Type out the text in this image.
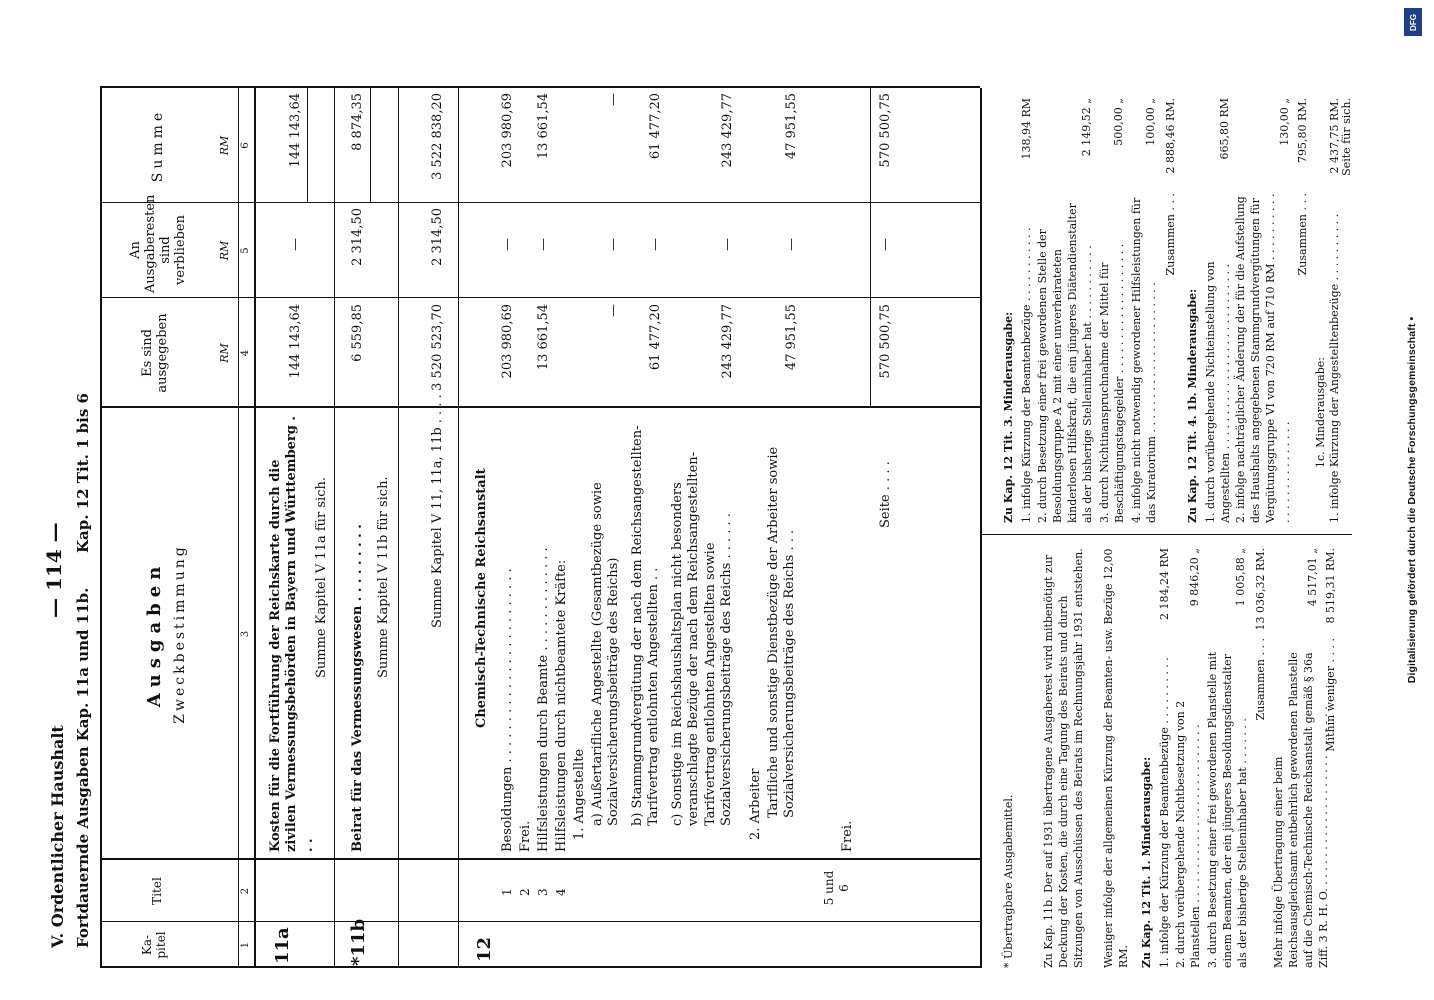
DFG
Digitalisierung gefördert durch die Deutsche Forschungsgemeinschaft •
V. Ordentlicher Haushalt
— 114 —
Fortdauernde Ausgaben Kap. 11a und 11b.
Kap. 12 Tit. 1 bis 6
Ka-pitel
Titel
Ausgaben Zweckbestimmung
Es sind ausgegeben
An Ausgaberesten sind verblieben
Summe
RM
RM
RM
1
2
3
4
5
6
11a
Kosten für die Fortführung der Reichskarte durch die zivilen Vermessungsbehörden in Bayern und Württemberg . . .
144 143,64
—
144 143,64
Summe Kapitel V 11a für sich.
*11b
Beirat für das Vermessungswesen . . . . . . . . .
6 559,85
2 314,50
8 874,35
Summe Kapitel V 11b für sich.	Summe Kapitel V 11, 11a, 11b . . . .
3 520 523,70
2 314,50
3 522 838,20
12
Chemisch-Technische Reichsanstalt
1
Besoldungen . . . . . . . . . . . . . . . . . . . . . . . .
203 980,69
—
203 980,69
2
Frei.
3
Hilfsleistungen durch Beamte . . . . . . . . . . . . .
13 661,54
—
13 661,54
4
Hilfsleistungen durch nichtbeamtete Kräfte: 1. Angestellte a) Außertarifliche Angestellte (Gesamtbezüge sowie Sozialversicherungsbeiträge des Reichs)
—
—
—
b) Stammgrundvergütung der nach dem Reichsangestellten-Tarifvertrag entlohnten Angestellten . .
61 477,20
—
61 477,20
c) Sonstige im Reichshaushaltsplan nicht besonders veranschlagte Bezüge der nach dem Reichsangestellten-Tarifvertrag entlohnten Angestellten sowie Sozialversicherungsbeiträge des Reichs . . . . . .
243 429,77
—
243 429,77
2. Arbeiter Tarifliche und sonstige Dienstbezüge der Arbeiter sowie Sozialversicherungsbeiträge des Reichs . . .
47 951,55
—
47 951,55
5 und 6
Frei.
Seite . . . .
570 500,75
—
570 500,75
* Übertragbare Ausgabemittel. Zu Kap. 11b. Der auf 1931 übertragene Ausgaberest wird mitbenötigt zur Deckung der Kosten, die durch eine Tagung des Beirats und durch Sitzungen von Ausschüssen des Beirats im Rechnungsjahr 1931 entstehen. Weniger infolge der allgemeinen Kürzung der Beamten- usw. Bezüge 12,00 RM. Zu Kap. 12 Tit. 1. Minderausgabe: 1. infolge der Kürzung der Beamtenbezüge . . . . . . . . . .
2 184,24 RM
2. durch vorübergehende Nichtbesetzung von 2 Planstellen . . . . . . . . . . . . . . . . . . . . . . . . . .
9 846,20 „
3. durch Besetzung einer frei gewordenen Planstelle mit einem Beamten, der ein jüngeres Besoldungsdienstalter als der bisherige Stelleninhaber hat . . . . . . .
1 005,88 „
Zusammen . . .
13 036,32 RM.
Mehr infolge Übertragung einer beim Reichsausgleichsamt entbehrlich gewordenen Planstelle auf die Chemisch-Technische Reichsanstalt gemäß § 36a Ziff. 3 R. H. O. . . . . . . . . . . . . . . . . . . . . . . . . . .
4 517,01 „
Mithin weniger . . . .
8 519,31 RM.
Zu Kap. 12 Tit. 3. Minderausgabe: 1. infolge Kürzung der Beamtenbezüge . . . . . . . . . . .
138,94 RM
2. durch Besetzung einer frei gewordenen Stelle der Besoldungsgruppe A 2 mit einer unverheirateten kinderlosen Hilfskraft, die ein jüngeres Diätendienstalter als der bisherige Stelleninhaber hat . . . . . . . . . . .
2 149,52 „
3. durch Nichtinanspruchnahme der Mittel für Beschäftigungstagegelder . . . . . . . . . . . . . . . . . . .
500,00 „
4. infolge nicht notwendig gewordener Hilfsleistungen für das Kuratorium . . . . . . . . . . . . . . . . . . . . . .
100,00 „
Zusammen . . .
2 888,46 RM.
Zu Kap. 12 Tit. 4. 1b. Minderausgabe: 1. durch vorübergehende Nichteinstellung von Angestellten . . . . . . . . . . . . . . . . . . . . . . . . . . .
665,80 RM
2. infolge nachträglicher Änderung der für die Aufstellung des Haushalts angegebenen Stammgrundvergütungen für Vergütungsgruppe VI von 720 RM auf 710 RM . . . . . . . . . . . . . . . . . . . . . . . . .
130,00 „
Zusammen . . .
795,80 RM.
1c. Minderausgabe: 1. infolge Kürzung der Angestelltenbezüge . . . . . . . . . .
2 437,75 RM. Seite für sich.
